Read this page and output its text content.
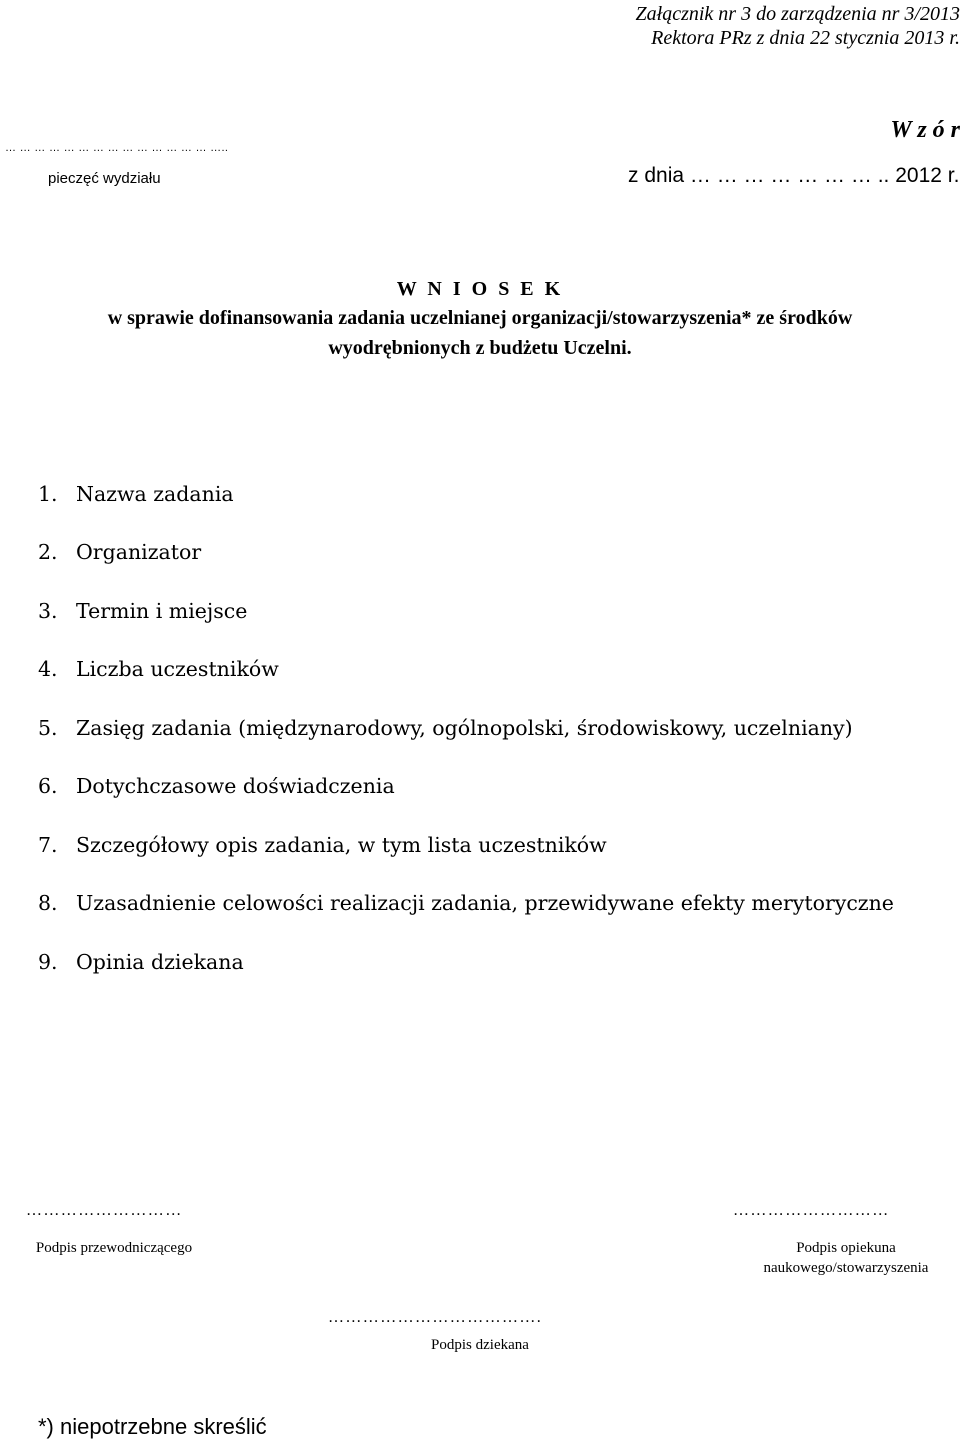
Załącznik nr 3 do zarządzenia nr 3/2013
Rektora PRz z dnia 22 stycznia 2013 r.
W z ó r
… … … … … … … … … … … … … … …..
pieczęć wydziału	z dnia … … … … … … … .. 2012 r.
W N I O S E K
w sprawie dofinansowania zadania uczelnianej organizacji/stowarzyszenia* ze środków
wyodrębnionych z budżetu Uczelni.
1. Nazwa zadania
2. Organizator
3. Termin i miejsce
4. Liczba uczestników
5. Zasięg zadania (międzynarodowy, ogólnopolski, środowiskowy, uczelniany)
6. Dotychczasowe doświadczenia
7. Szczegółowy opis zadania, w tym lista uczestników
8. Uzasadnienie celowości realizacji zadania, przewidywane efekty merytoryczne
9. Opinia dziekana
………………………
Podpis przewodniczącego
………………………
Podpis opiekuna
naukowego/stowarzyszenia
……………………………….
Podpis dziekana
*) niepotrzebne skreślić
